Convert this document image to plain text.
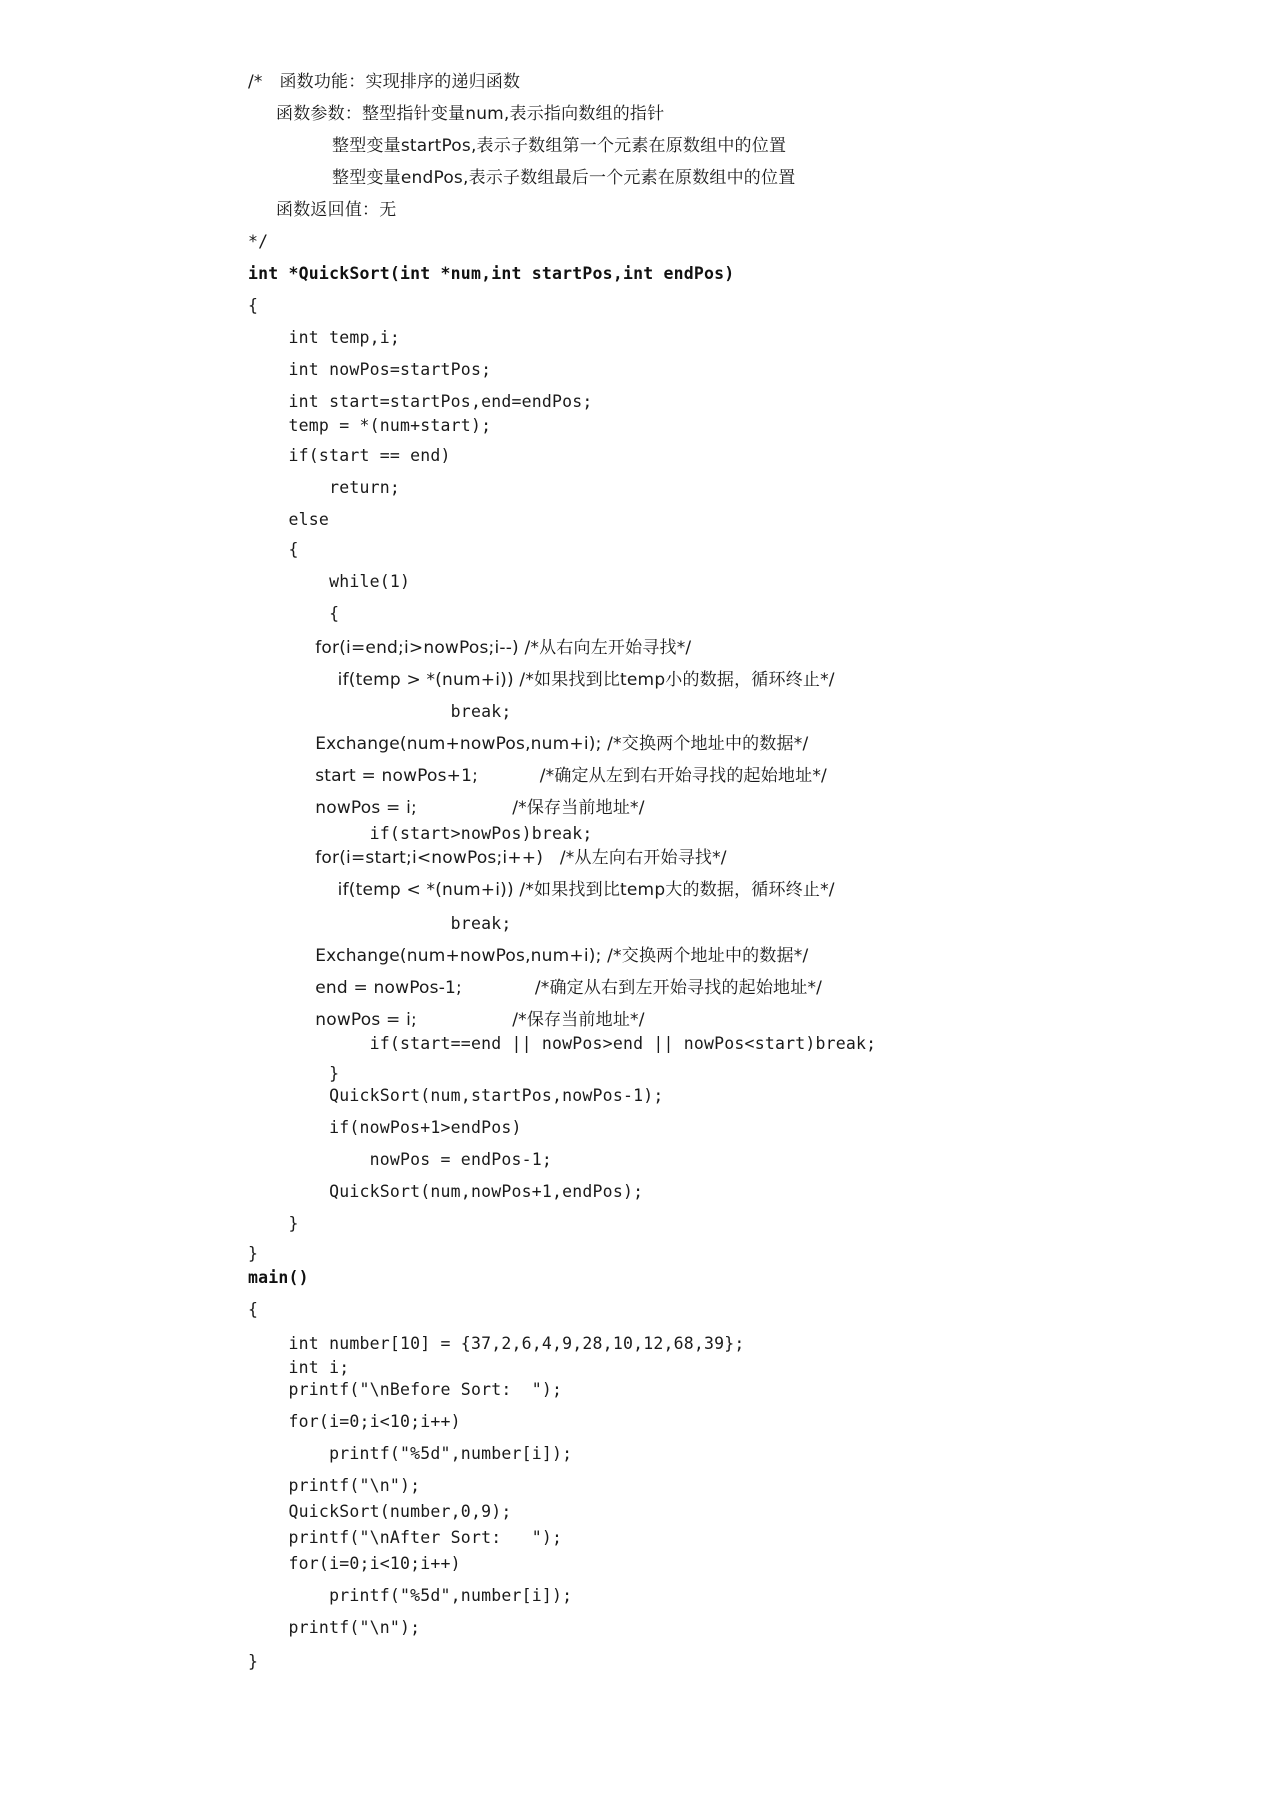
/*   函数功能：实现排序的递归函数
函数参数：整型指针变量num,表示指向数组的指针
整型变量startPos,表示子数组第一个元素在原数组中的位置
整型变量endPos,表示子数组最后一个元素在原数组中的位置
函数返回值：无
*/
int *QuickSort(int *num,int startPos,int endPos)
{
int temp,i;
int nowPos=startPos;
int start=startPos,end=endPos;
temp = *(num+start);
if(start == end)
return;
else
{
while(1)
{
for(i=end;i>nowPos;i--) /*从右向左开始寻找*/
if(temp > *(num+i)) /*如果找到比temp小的数据，循环终止*/
break;
Exchange(num+nowPos,num+i); /*交换两个地址中的数据*/
start = nowPos+1;           /*确定从左到右开始寻找的起始地址*/
nowPos = i;                 /*保存当前地址*/
if(start>nowPos)break;
for(i=start;i<nowPos;i++)   /*从左向右开始寻找*/
if(temp < *(num+i)) /*如果找到比temp大的数据，循环终止*/
break;
Exchange(num+nowPos,num+i); /*交换两个地址中的数据*/
end = nowPos-1;             /*确定从右到左开始寻找的起始地址*/
nowPos = i;                 /*保存当前地址*/
if(start==end || nowPos>end || nowPos<start)break;
}
QuickSort(num,startPos,nowPos-1);
if(nowPos+1>endPos)
nowPos = endPos-1;
QuickSort(num,nowPos+1,endPos);
}
}
main()
{
int number[10] = {37,2,6,4,9,28,10,12,68,39};
int i;
printf("\nBefore Sort:  ");
for(i=0;i<10;i++)
printf("%5d",number[i]);
printf("\n");
QuickSort(number,0,9);
printf("\nAfter Sort:   ");
for(i=0;i<10;i++)
printf("%5d",number[i]);
printf("\n");
}
